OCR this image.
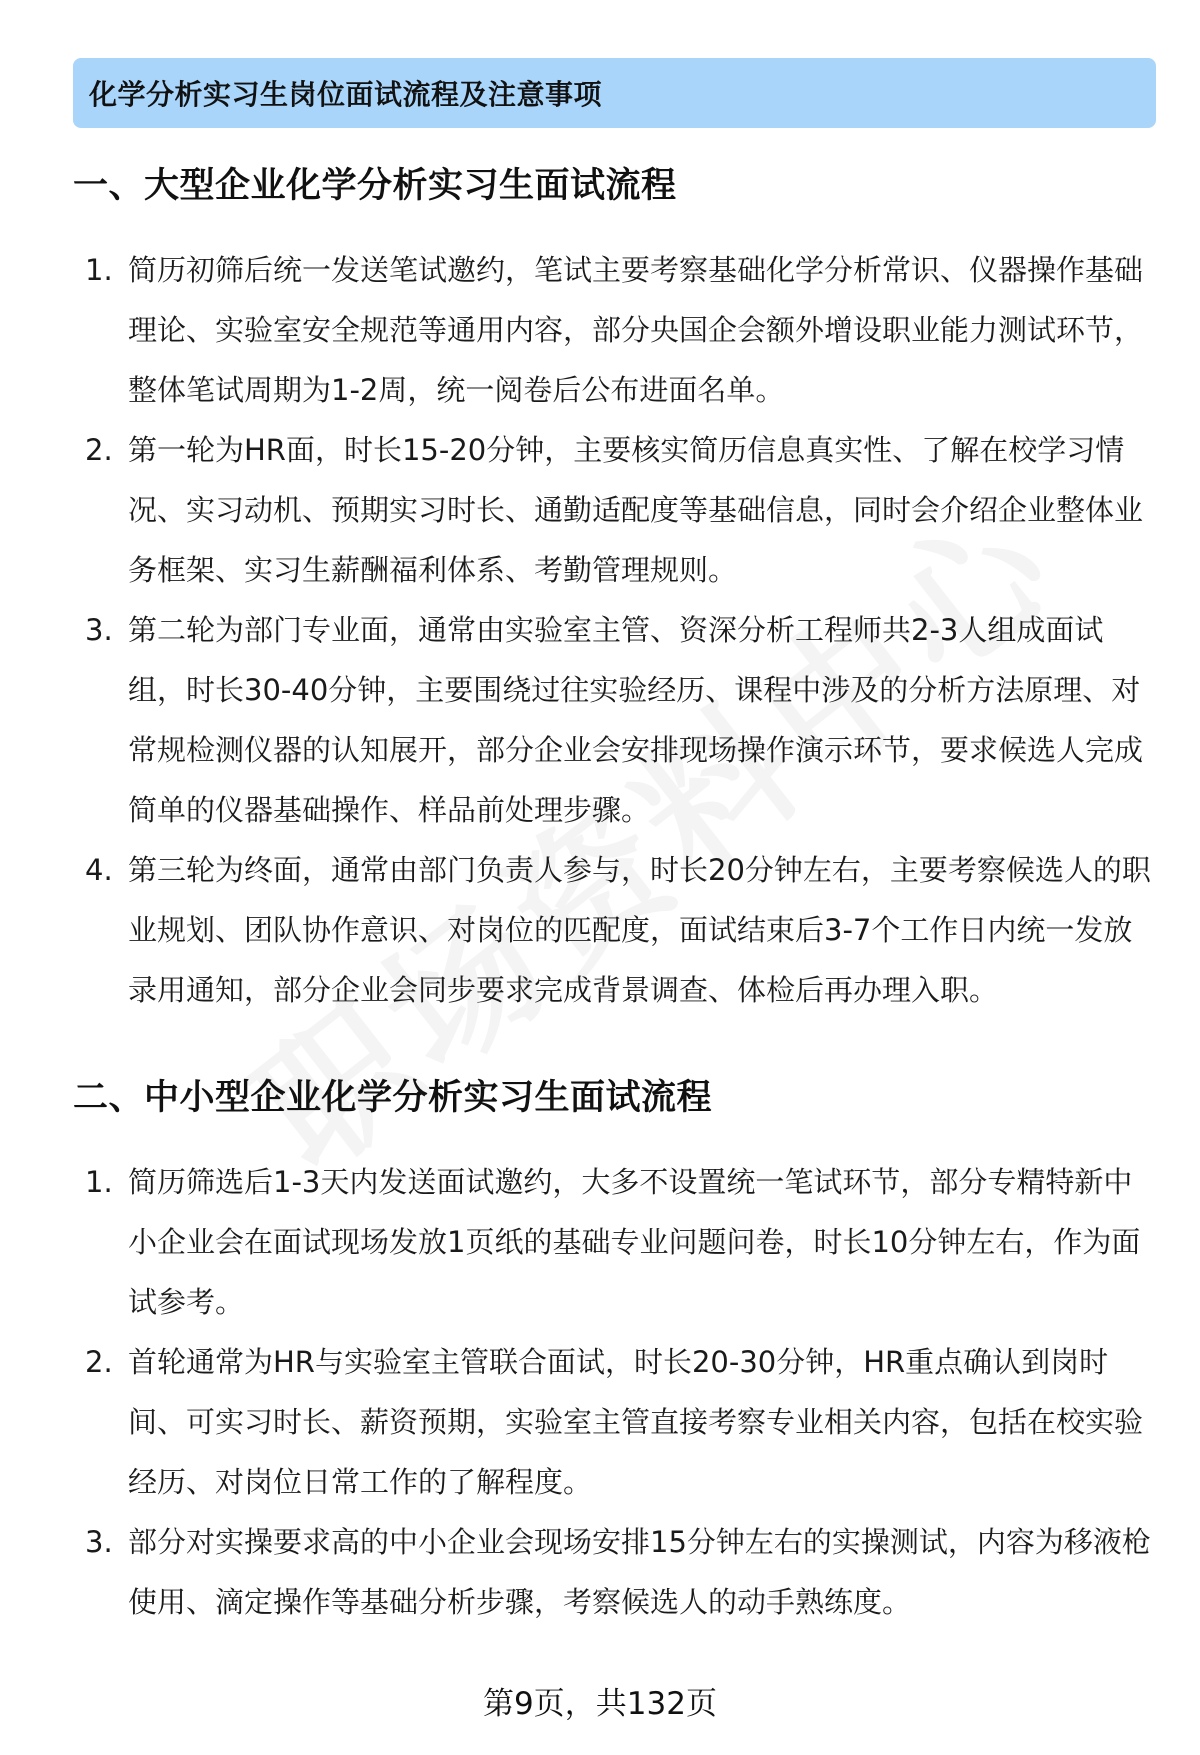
化学分析实习生岗位面试流程及注意事项
一、大型企业化学分析实习生面试流程
1. 简历初筛后统一发送笔试邀约，笔试主要考察基础化学分析常识、仪器操作基础理论、实验室安全规范等通用内容，部分央国企会额外增设职业能力测试环节，整体笔试周期为1-2周，统一阅卷后公布进面名单。
2. 第一轮为HR面，时长15-20分钟，主要核实简历信息真实性、了解在校学习情况、实习动机、预期实习时长、通勤适配度等基础信息，同时会介绍企业整体业务框架、实习生薪酬福利体系、考勤管理规则。
3. 第二轮为部门专业面，通常由实验室主管、资深分析工程师共2-3人组成面试组，时长30-40分钟，主要围绕过往实验经历、课程中涉及的分析方法原理、对常规检测仪器的认知展开，部分企业会安排现场操作演示环节，要求候选人完成简单的仪器基础操作、样品前处理步骤。
4. 第三轮为终面，通常由部门负责人参与，时长20分钟左右，主要考察候选人的职业规划、团队协作意识、对岗位的匹配度，面试结束后3-7个工作日内统一发放录用通知，部分企业会同步要求完成背景调查、体检后再办理入职。
二、中小型企业化学分析实习生面试流程
1. 简历筛选后1-3天内发送面试邀约，大多不设置统一笔试环节，部分专精特新中小企业会在面试现场发放1页纸的基础专业问题问卷，时长10分钟左右，作为面试参考。
2. 首轮通常为HR与实验室主管联合面试，时长20-30分钟，HR重点确认到岗时间、可实习时长、薪资预期，实验室主管直接考察专业相关内容，包括在校实验经历、对岗位日常工作的了解程度。
3. 部分对实操要求高的中小企业会现场安排15分钟左右的实操测试，内容为移液枪使用、滴定操作等基础分析步骤，考察候选人的动手熟练度。
第9页，共132页
